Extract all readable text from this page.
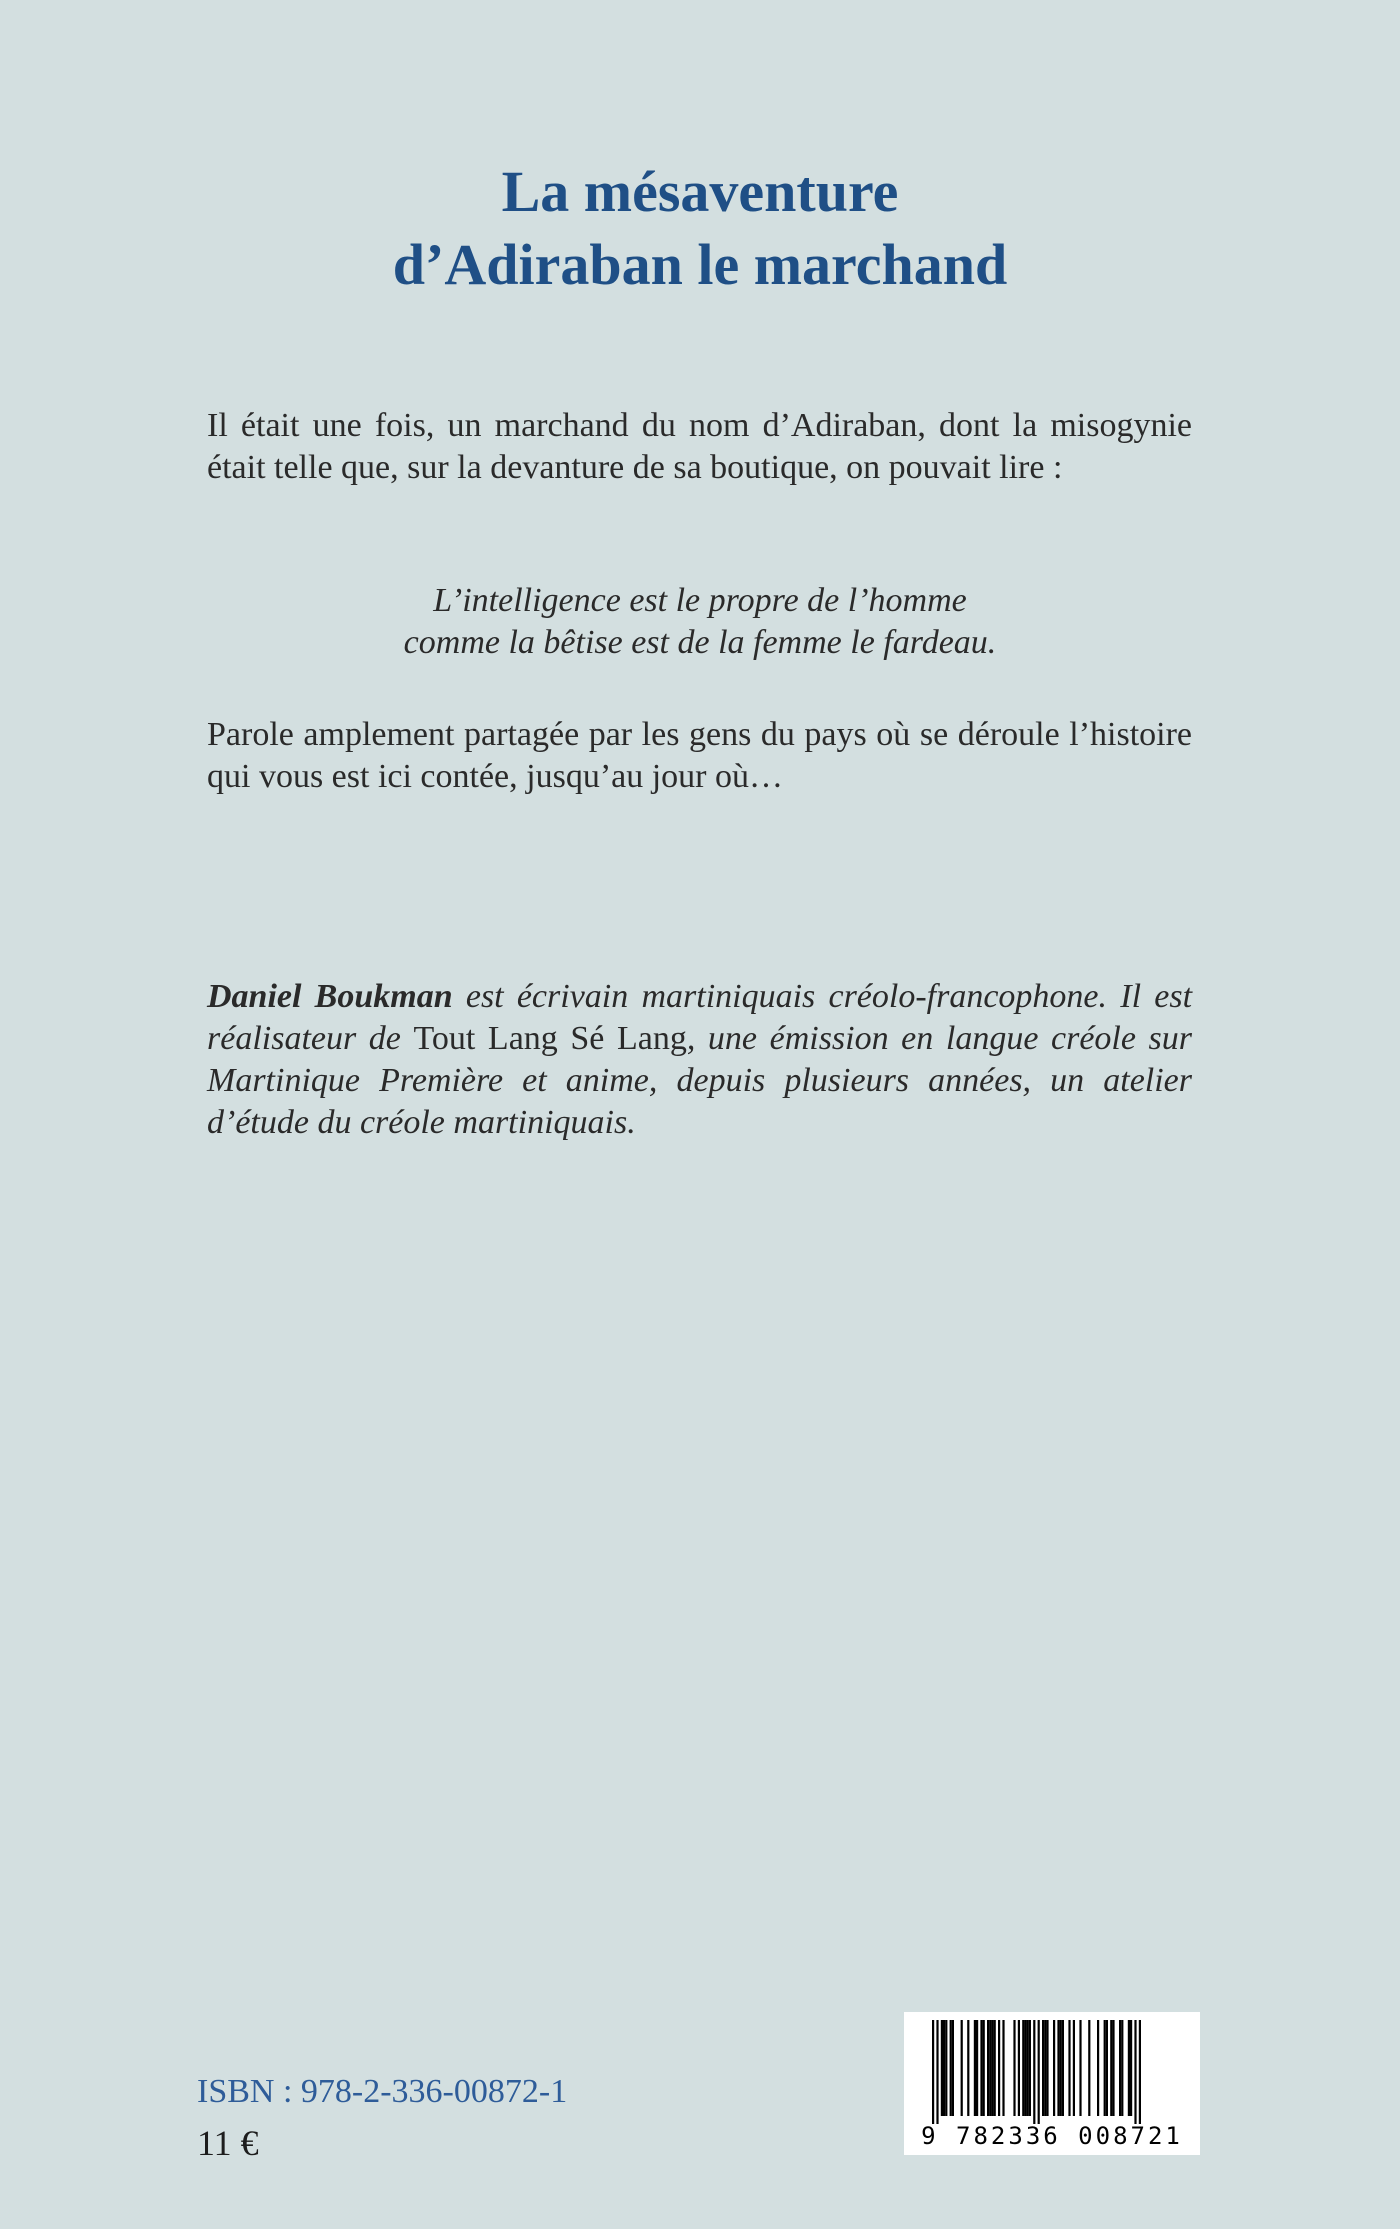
La mésaventure
d’Adiraban le marchand

Il était une fois, un marchand du nom d’Adiraban, dont la misogynie était telle que, sur la devanture de sa boutique, on pouvait lire :

L’intelligence est le propre de l’homme
comme la bêtise est de la femme le fardeau.

Parole amplement partagée par les gens du pays où se déroule l’histoire qui vous est ici contée, jusqu’au jour où…

Daniel Boukman est écrivain martiniquais créolo-francophone. Il est réalisateur de Tout Lang Sé Lang, une émission en langue créole sur Martinique Première et anime, depuis plusieurs années, un atelier d’étude du créole martiniquais.

ISBN : 978-2-336-00872-1

11 €	9 782336 008721
